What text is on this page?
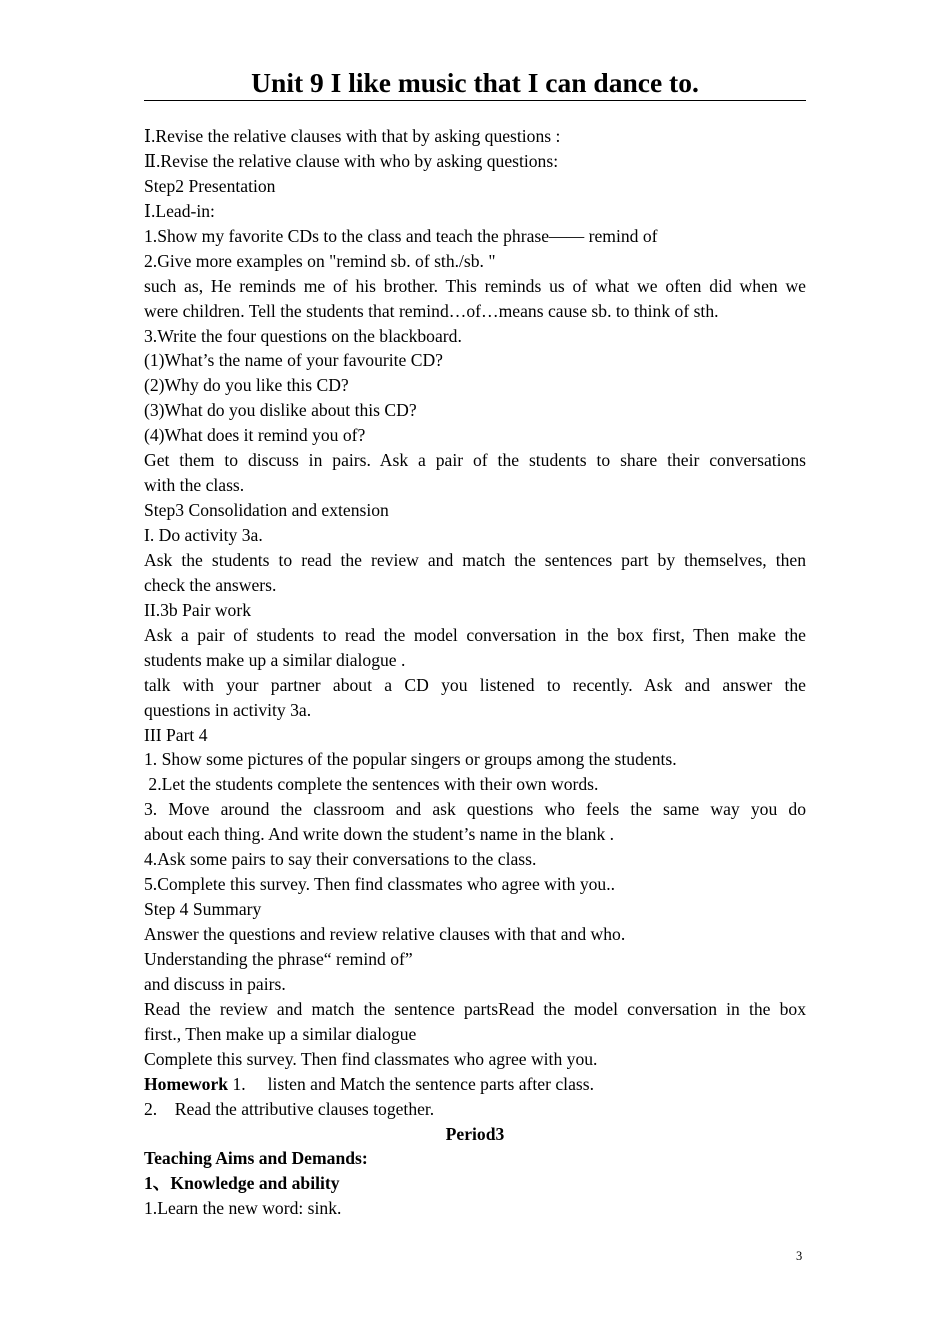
Unit 9 I like music that I can dance to.
Ⅰ.Revise the relative clauses with that by asking questions :
Ⅱ.Revise the relative clause with who by asking questions:
Step2 Presentation
Ⅰ.Lead-in:
1.Show my favorite CDs to the class and teach the phrase—— remind of
2.Give more examples on "remind sb. of sth./sb. "
such as, He reminds me of his brother. This reminds us of what we often did when we
were children. Tell the students that remind…of…means cause sb. to think of sth.
3.Write the four questions on the blackboard.
(1)What’s the name of your favourite CD?
(2)Why do you like this CD?
(3)What do you dislike about this CD?
(4)What does it remind you of?
Get them to discuss in pairs. Ask a pair of the students to share their conversations
with the class.
Step3 Consolidation and extension
I. Do activity 3a.
Ask the students to read the review and match the sentences part by themselves, then
check the answers.
II.3b Pair work
Ask a pair of students to read the model conversation in the box first, Then make the
students make up a similar dialogue .
talk with your partner about a CD you listened to recently. Ask and answer the
questions in activity 3a.
III Part 4
1. Show some pictures of the popular singers or groups among the students.
2.Let the students complete the sentences with their own words.
3. Move around the classroom and ask questions who feels the same way you do
about each thing. And write down the student’s name in the blank .
4.Ask some pairs to say their conversations to the class.
5.Complete this survey. Then find classmates who agree with you..
Step 4 Summary
Answer the questions and review relative clauses with that and who.
Understanding the phrase“ remind of”
and discuss in pairs.
Read the review and match the sentence partsRead the model conversation in the box
first., Then make up a similar dialogue
Complete this survey. Then find classmates who agree with you.
Homework 1.     listen and Match the sentence parts after class.
2.    Read the attributive clauses together.
Period3
Teaching Aims and Demands:
1、Knowledge and ability
1.Learn the new word: sink.
3
